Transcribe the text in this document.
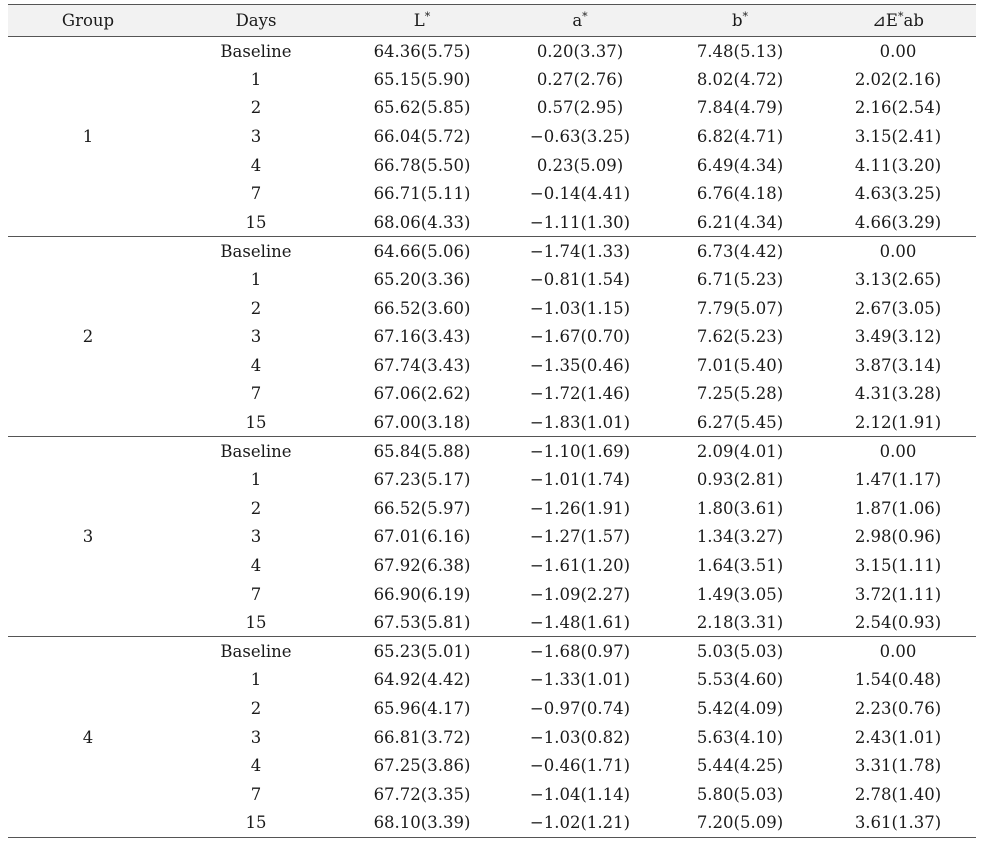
Group	Days	L*	a*	b*	⊿E*ab
1	Baseline	64.36(5.75)	0.20(3.37)	7.48(5.13)	0.00
	1	65.15(5.90)	0.27(2.76)	8.02(4.72)	2.02(2.16)
	2	65.62(5.85)	0.57(2.95)	7.84(4.79)	2.16(2.54)
	3	66.04(5.72)	−0.63(3.25)	6.82(4.71)	3.15(2.41)
	4	66.78(5.50)	0.23(5.09)	6.49(4.34)	4.11(3.20)
	7	66.71(5.11)	−0.14(4.41)	6.76(4.18)	4.63(3.25)
	15	68.06(4.33)	−1.11(1.30)	6.21(4.34)	4.66(3.29)
2	Baseline	64.66(5.06)	−1.74(1.33)	6.73(4.42)	0.00
	1	65.20(3.36)	−0.81(1.54)	6.71(5.23)	3.13(2.65)
	2	66.52(3.60)	−1.03(1.15)	7.79(5.07)	2.67(3.05)
	3	67.16(3.43)	−1.67(0.70)	7.62(5.23)	3.49(3.12)
	4	67.74(3.43)	−1.35(0.46)	7.01(5.40)	3.87(3.14)
	7	67.06(2.62)	−1.72(1.46)	7.25(5.28)	4.31(3.28)
	15	67.00(3.18)	−1.83(1.01)	6.27(5.45)	2.12(1.91)
3	Baseline	65.84(5.88)	−1.10(1.69)	2.09(4.01)	0.00
	1	67.23(5.17)	−1.01(1.74)	0.93(2.81)	1.47(1.17)
	2	66.52(5.97)	−1.26(1.91)	1.80(3.61)	1.87(1.06)
	3	67.01(6.16)	−1.27(1.57)	1.34(3.27)	2.98(0.96)
	4	67.92(6.38)	−1.61(1.20)	1.64(3.51)	3.15(1.11)
	7	66.90(6.19)	−1.09(2.27)	1.49(3.05)	3.72(1.11)
	15	67.53(5.81)	−1.48(1.61)	2.18(3.31)	2.54(0.93)
4	Baseline	65.23(5.01)	−1.68(0.97)	5.03(5.03)	0.00
	1	64.92(4.42)	−1.33(1.01)	5.53(4.60)	1.54(0.48)
	2	65.96(4.17)	−0.97(0.74)	5.42(4.09)	2.23(0.76)
	3	66.81(3.72)	−1.03(0.82)	5.63(4.10)	2.43(1.01)
	4	67.25(3.86)	−0.46(1.71)	5.44(4.25)	3.31(1.78)
	7	67.72(3.35)	−1.04(1.14)	5.80(5.03)	2.78(1.40)
	15	68.10(3.39)	−1.02(1.21)	7.20(5.09)	3.61(1.37)
